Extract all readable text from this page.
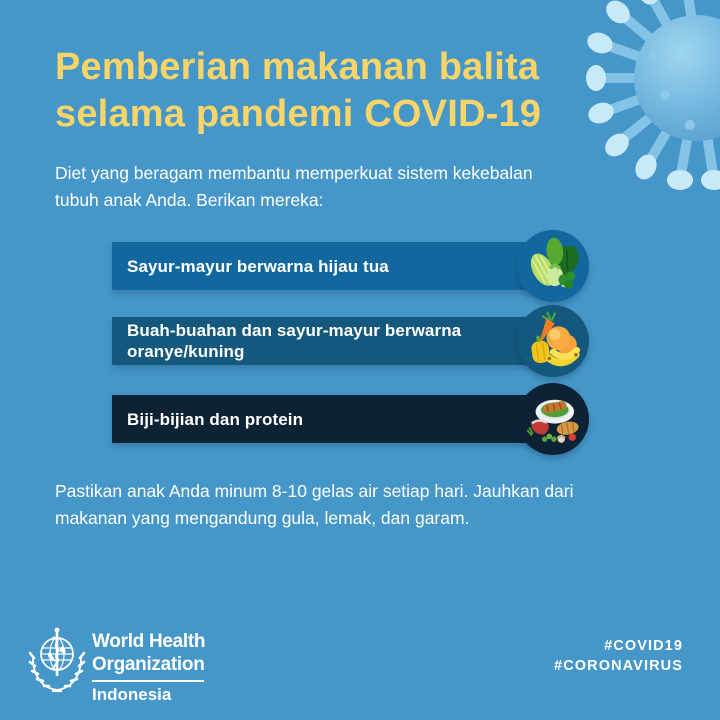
Pemberian makanan balita
selama pandemi COVID-19
Diet yang beragam membantu memperkuat sistem kekebalan
tubuh anak Anda. Berikan mereka:
Sayur-mayur berwarna hijau tua
Buah-buahan dan sayur-mayur berwarna oranye/kuning
Biji-bijian dan protein
Pastikan anak Anda minum 8-10 gelas air setiap hari. Jauhkan dari
makanan yang mengandung gula, lemak, dan garam.
World Health
Organization
Indonesia
#COVID19
#CORONAVIRUS
